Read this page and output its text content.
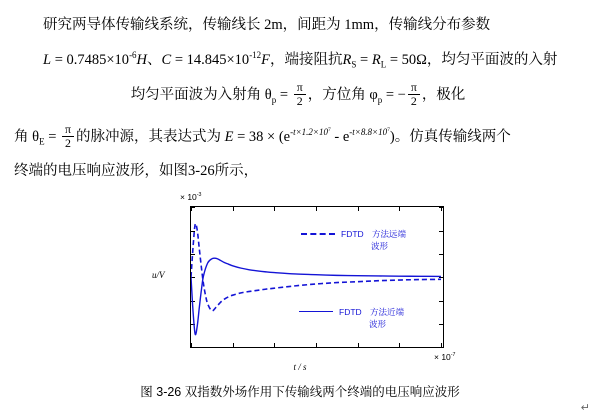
研究两导体传输线系统，传输线长 2m，间距为 1mm，传输线分布参数

$L = 0.7485\times 10^{-6}H$、$C = 14.845\times 10^{-12}F$，端接阻抗$R_S = R_L = 50\Omega$，均匀平面波的入射

均匀平面波为入射角 $\theta_p = \frac{\pi}{2}$ ，方位角 $\varphi_p$ = − $\frac{\pi}{2}$ ，极化

角 $\theta_E = \frac{\pi}{2}$ 的脉冲源，其表达式为 $E = 38 \times (e^{-t\times 1.2\times 10^7} - e^{-t\times 8.8\times 10^7})$。仿真传输线两个

终端的电压响应波形，如图3-26所示，

× $10^{-3}$
× $10^{-7}$
u/V
t / s
FDTD 方法远端
波形
FDTD 方法近端
波形
图 3-26 双指数外场作用下传输线两个终端的电压响应波形
↵
